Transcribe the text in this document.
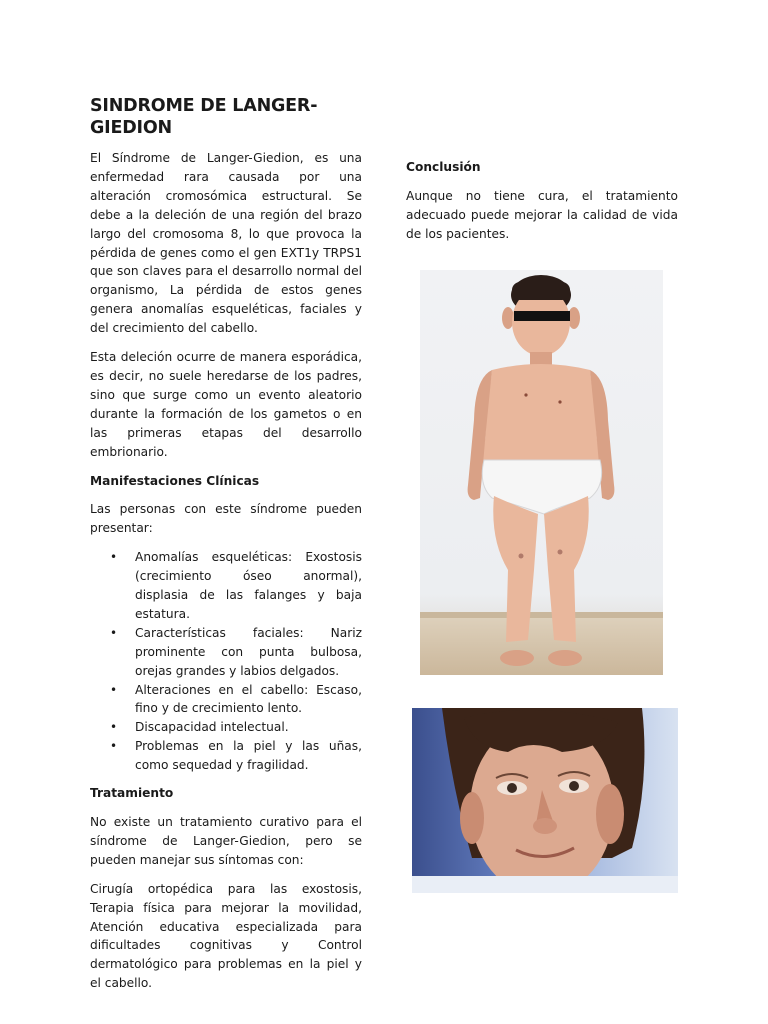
SINDROME DE LANGER-GIEDION

El Síndrome de Langer-Giedion, es una enfermedad rara causada por una alteración cromosómica estructural. Se debe a la deleción de una región del brazo largo del cromosoma 8, lo que provoca la pérdida de genes como el gen EXT1y TRPS1 que son claves para el desarrollo normal del organismo, La pérdida de estos genes genera anomalías esqueléticas, faciales y del crecimiento del cabello.

Esta deleción ocurre de manera esporádica, es decir, no suele heredarse de los padres, sino que surge como un evento aleatorio durante la formación de los gametos o en las primeras etapas del desarrollo embrionario.

Manifestaciones Clínicas

Las personas con este síndrome pueden presentar:

• Anomalías esqueléticas: Exostosis (crecimiento óseo anormal), displasia de las falanges y baja estatura.
• Características faciales: Nariz prominente con punta bulbosa, orejas grandes y labios delgados.
• Alteraciones en el cabello: Escaso, fino y de crecimiento lento.
• Discapacidad intelectual.
• Problemas en la piel y las uñas, como sequedad y fragilidad.
Tratamiento

No existe un tratamiento curativo para el síndrome de Langer-Giedion, pero se pueden manejar sus síntomas con:

Cirugía ortopédica para las exostosis, Terapia física para mejorar la movilidad, Atención educativa especializada para dificultades cognitivas y Control dermatológico para problemas en la piel y el cabello.

Conclusión

Aunque no tiene cura, el tratamiento adecuado puede mejorar la calidad de vida de los pacientes.
